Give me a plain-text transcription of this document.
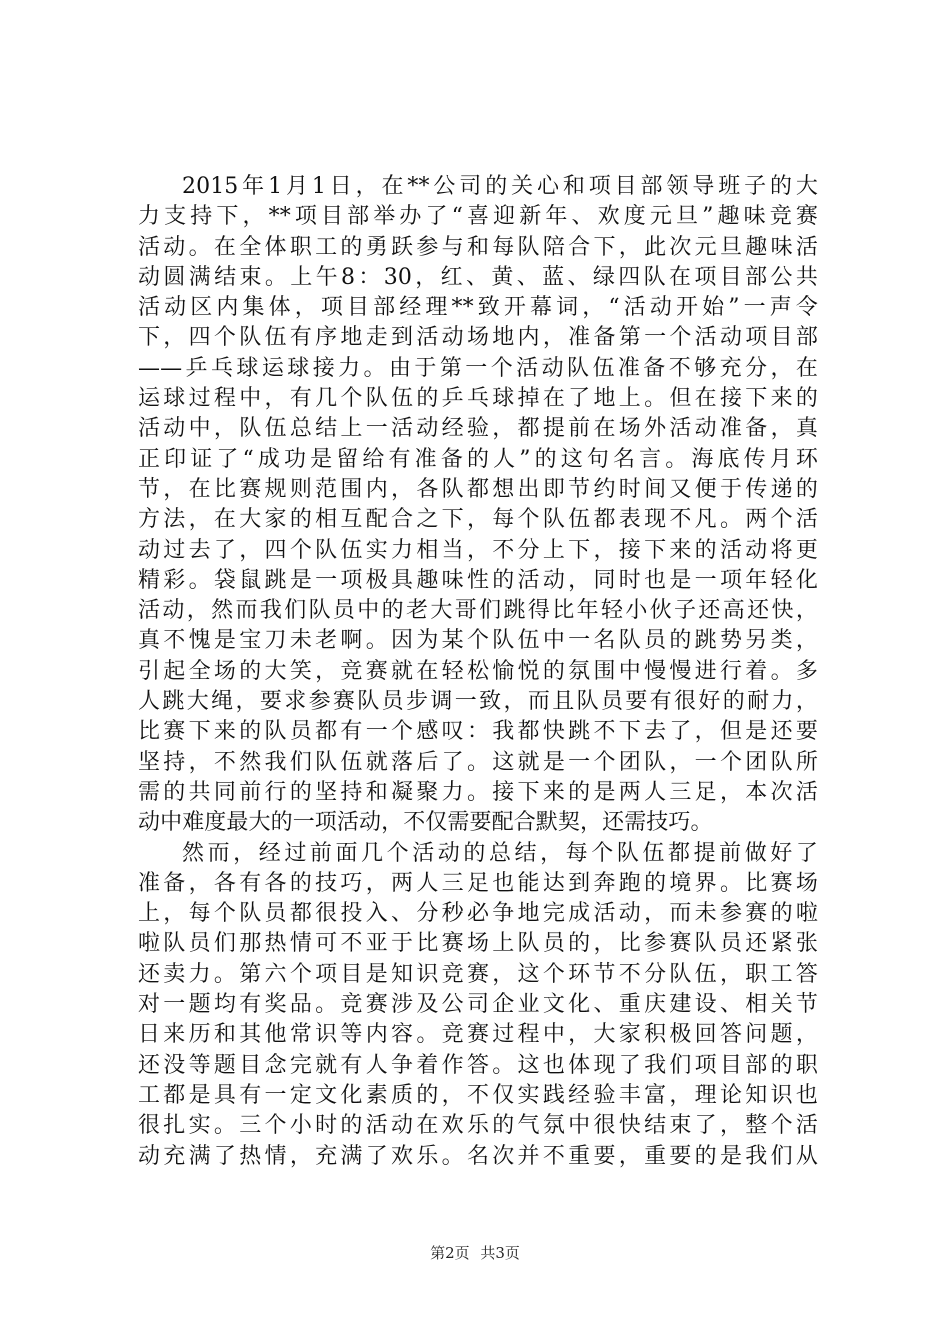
2015年1月1日，在**公司的关心和项目部领导班子的大
力支持下，**项目部举办了“喜迎新年、欢度元旦”趣味竞赛
活动。在全体职工的勇跃参与和每队陪合下，此次元旦趣味活
动圆满结束。上午8：30，红、黄、蓝、绿四队在项目部公共
活动区内集体，项目部经理**致开幕词，“活动开始”一声令
下，四个队伍有序地走到活动场地内，准备第一个活动项目部
——乒乓球运球接力。由于第一个活动队伍准备不够充分，在
运球过程中，有几个队伍的乒乓球掉在了地上。但在接下来的
活动中，队伍总结上一活动经验，都提前在场外活动准备，真
正印证了“成功是留给有准备的人”的这句名言。海底传月环
节，在比赛规则范围内，各队都想出即节约时间又便于传递的
方法，在大家的相互配合之下，每个队伍都表现不凡。两个活
动过去了，四个队伍实力相当，不分上下，接下来的活动将更
精彩。袋鼠跳是一项极具趣味性的活动，同时也是一项年轻化
活动，然而我们队员中的老大哥们跳得比年轻小伙子还高还快，
真不愧是宝刀未老啊。因为某个队伍中一名队员的跳势另类，
引起全场的大笑，竞赛就在轻松愉悦的氛围中慢慢进行着。多
人跳大绳，要求参赛队员步调一致，而且队员要有很好的耐力，
比赛下来的队员都有一个感叹：我都快跳不下去了，但是还要
坚持，不然我们队伍就落后了。这就是一个团队，一个团队所
需的共同前行的坚持和凝聚力。接下来的是两人三足，本次活
动中难度最大的一项活动，不仅需要配合默契，还需技巧。
然而，经过前面几个活动的总结，每个队伍都提前做好了
准备，各有各的技巧，两人三足也能达到奔跑的境界。比赛场
上，每个队员都很投入、分秒必争地完成活动，而未参赛的啦
啦队员们那热情可不亚于比赛场上队员的，比参赛队员还紧张
还卖力。第六个项目是知识竞赛，这个环节不分队伍，职工答
对一题均有奖品。竞赛涉及公司企业文化、重庆建设、相关节
日来历和其他常识等内容。竞赛过程中，大家积极回答问题，
还没等题目念完就有人争着作答。这也体现了我们项目部的职
工都是具有一定文化素质的，不仅实践经验丰富，理论知识也
很扎实。三个小时的活动在欢乐的气氛中很快结束了，整个活
动充满了热情，充满了欢乐。名次并不重要，重要的是我们从
第2页 共3页
